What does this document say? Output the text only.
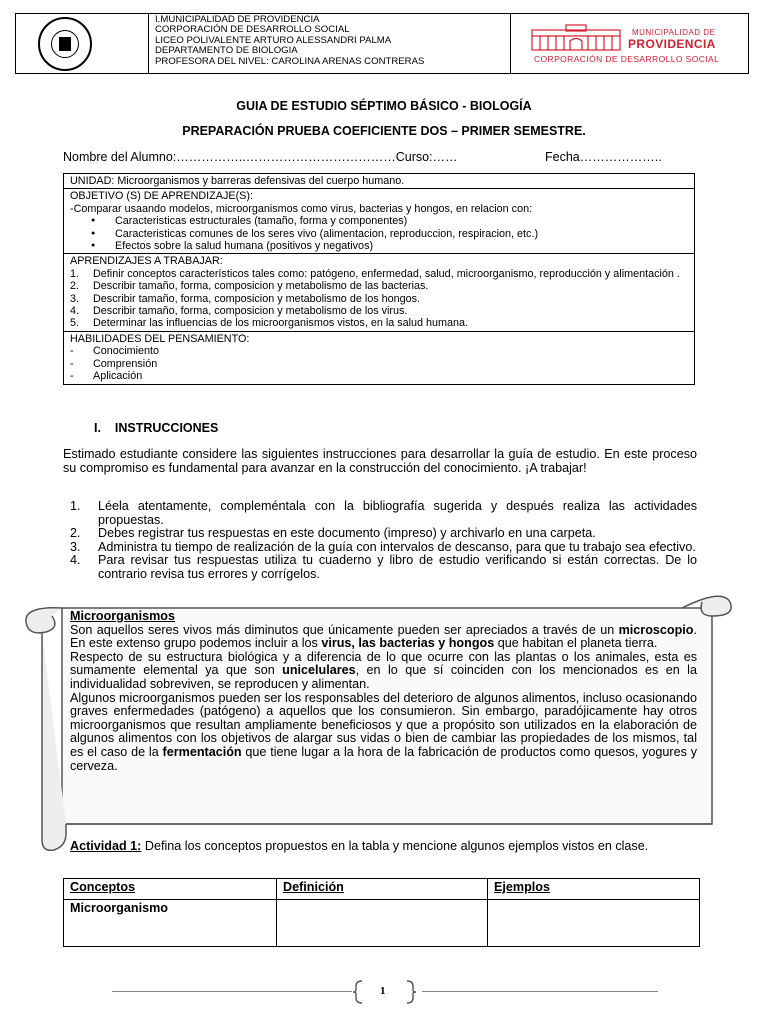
I.MUNICIPALIDAD DE PROVIDENCIA
CORPORACIÓN DE DESARROLLO SOCIAL
LICEO POLIVALENTE ARTURO ALESSANDRI PALMA
DEPARTAMENTO DE BIOLOGIA
PROFESORA DEL NIVEL: CAROLINA ARENAS CONTRERAS
MUNICIPALIDAD DE
PROVIDENCIA
CORPORACIÓN DE DESARROLLO SOCIAL
GUIA DE ESTUDIO SÉPTIMO BÁSICO - BIOLOGÍA
PREPARACIÓN PRUEBA COEFICIENTE DOS – PRIMER SEMESTRE.
Nombre del Alumno:……………..………………………………Curso:……	Fecha………………..
UNIDAD: Microorganismos y barreras defensivas del cuerpo humano.
OBJETIVO (S) DE APRENDIZAJE(S):
-Comparar usaando modelos, microorganismos como virus, bacterias y hongos, en relacion con:
● Caracteristicas estructurales (tamaño, forma y componentes)
● Caracteristicas comunes de los seres vivo (alimentacion, reproduccion, respiracion, etc.)
● Efectos sobre la salud humana (positivos y negativos)
APRENDIZAJES A TRABAJAR:
1. Definir conceptos característicos tales como: patógeno, enfermedad, salud, microorganismo, reproducción y alimentación .
2. Describir tamaño, forma, composicion y metabolismo de las bacterias.
3. Describir tamaño, forma, composicion y metabolismo de los hongos.
4. Describir tamaño, forma, composicion y metabolismo de los virus.
5. Determinar las influencias de los microorganismos vistos, en la salud humana.
HABILIDADES DEL PENSAMIENTO:
- Conocimiento
- Comprensión
- Aplicación
I. INSTRUCCIONES
Estimado estudiante considere las siguientes instrucciones para desarrollar la guía de estudio. En este proceso su compromiso es fundamental para avanzar en la construcción del conocimiento. ¡A trabajar!
1. Léela atentamente, compleméntala con la bibliografía sugerida y después realiza las actividades propuestas.
2. Debes registrar tus respuestas en este documento (impreso) y archivarlo en una carpeta.
3. Administra tu tiempo de realización de la guía con intervalos de descanso, para que tu trabajo sea efectivo.
4. Para revisar tus respuestas utiliza tu cuaderno y libro de estudio verificando si están correctas. De lo contrario revisa tus errores y corrígelos.
Microorganismos
Son aquellos seres vivos más diminutos que únicamente pueden ser apreciados a través de un microscopio. En este extenso grupo podemos incluir a los virus, las bacterias y hongos que habitan el planeta tierra.
Respecto de su estructura biológica y a diferencia de lo que ocurre con las plantas o los animales, esta es sumamente elemental ya que son unicelulares, en lo que sí coinciden con los mencionados es en la individualidad sobreviven, se reproducen y alimentan.
Algunos microorganismos pueden ser los responsables del deterioro de algunos alimentos, incluso ocasionando graves enfermedades (patógeno) a aquellos que los consumieron. Sin embargo, paradójicamente hay otros microorganismos que resultan ampliamente beneficiosos y que a propósito son utilizados en la elaboración de algunos alimentos con los objetivos de alargar sus vidas o bien de cambiar las propiedades de los mismos, tal es el caso de la fermentación que tiene lugar a la hora de la fabricación de productos como quesos, yogures y cerveza.
Actividad 1: Defina los conceptos propuestos en la tabla y mencione algunos ejemplos vistos en clase.
Conceptos	Definición	Ejemplos
Microorganismo		
1
